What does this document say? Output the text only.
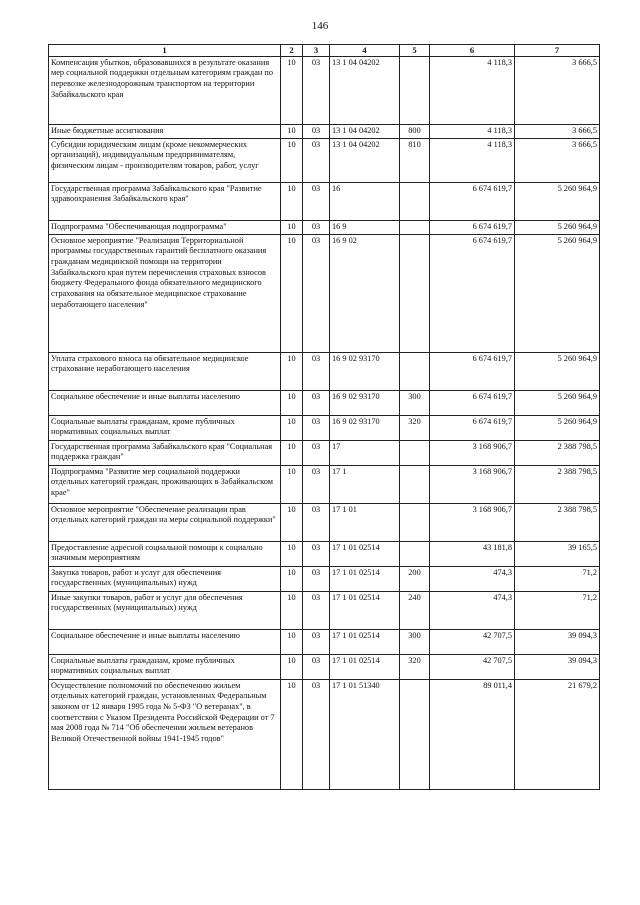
146
1	2	3	4	5	6	7
Компенсация убытков, образовавшихся в результате оказания мер социальной поддержки отдельным категориям граждан по перевозке железнодорожным транспортом на территории Забайкальского края	10	03	13 1 04 04202		4 118,3	3 666,5
Иные бюджетные ассигнования	10	03	13 1 04 04202	800	4 118,3	3 666,5
Субсидии юридическим лицам (кроме некоммерческих организаций), индивидуальным предпринимателям, физическим лицам - производителям товаров, работ, услуг	10	03	13 1 04 04202	810	4 118,3	3 666,5
Государственная программа Забайкальского края "Развитие здравоохранения Забайкальского края"	10	03	16		6 674 619,7	5 260 964,9
Подпрограмма "Обеспечивающая подпрограмма"	10	03	16 9		6 674 619,7	5 260 964,9
Основное мероприятие "Реализация Территориальной программы государственных гарантий бесплатного оказания гражданам медицинской помощи на территории Забайкальского края путем перечисления страховых взносов бюджету Федерального фонда обязательного медицинского страхования на обязательное медицинское страхование неработающего населения"	10	03	16 9 02		6 674 619,7	5 260 964,9
Уплата страхового взноса на обязательное медицинское страхование неработающего населения	10	03	16 9 02 93170		6 674 619,7	5 260 964,9
Социальное обеспечение и иные выплаты населению	10	03	16 9 02 93170	300	6 674 619,7	5 260 964,9
Социальные выплаты гражданам, кроме публичных нормативных социальных выплат	10	03	16 9 02 93170	320	6 674 619,7	5 260 964,9
Государственная программа Забайкальского края "Социальная поддержка граждан"	10	03	17		3 168 906,7	2 388 798,5
Подпрограмма "Развитие мер социальной поддержки отдельных категорий граждан, проживающих в Забайкальском крае"	10	03	17 1		3 168 906,7	2 388 798,5
Основное мероприятие "Обеспечение реализации прав отдельных категорий граждан на меры социальной поддержки"	10	03	17 1 01		3 168 906,7	2 388 798,5
Предоставление адресной социальной помощи к социально значимым мероприятиям	10	03	17 1 01 02514		43 181,8	39 165,5
Закупка товаров, работ и услуг для обеспечения государственных (муниципальных) нужд	10	03	17 1 01 02514	200	474,3	71,2
Иные закупки товаров, работ и услуг для обеспечения государственных (муниципальных) нужд	10	03	17 1 01 02514	240	474,3	71,2
Социальное обеспечение и иные выплаты населению	10	03	17 1 01 02514	300	42 707,5	39 094,3
Социальные выплаты гражданам, кроме публичных нормативных социальных выплат	10	03	17 1 01 02514	320	42 707,5	39 094,3
Осуществление полномочий по обеспечению жильем отдельных категорий граждан, установленных Федеральным законом от 12 января 1995 года № 5-ФЗ "О ветеранах", в соответствии с Указом Президента Российской Федерации от 7 мая 2008 года № 714 "Об обеспечении жильем ветеранов Великой Отечественной войны 1941-1945 годов"	10	03	17 1 01 51340		89 011,4	21 679,2
